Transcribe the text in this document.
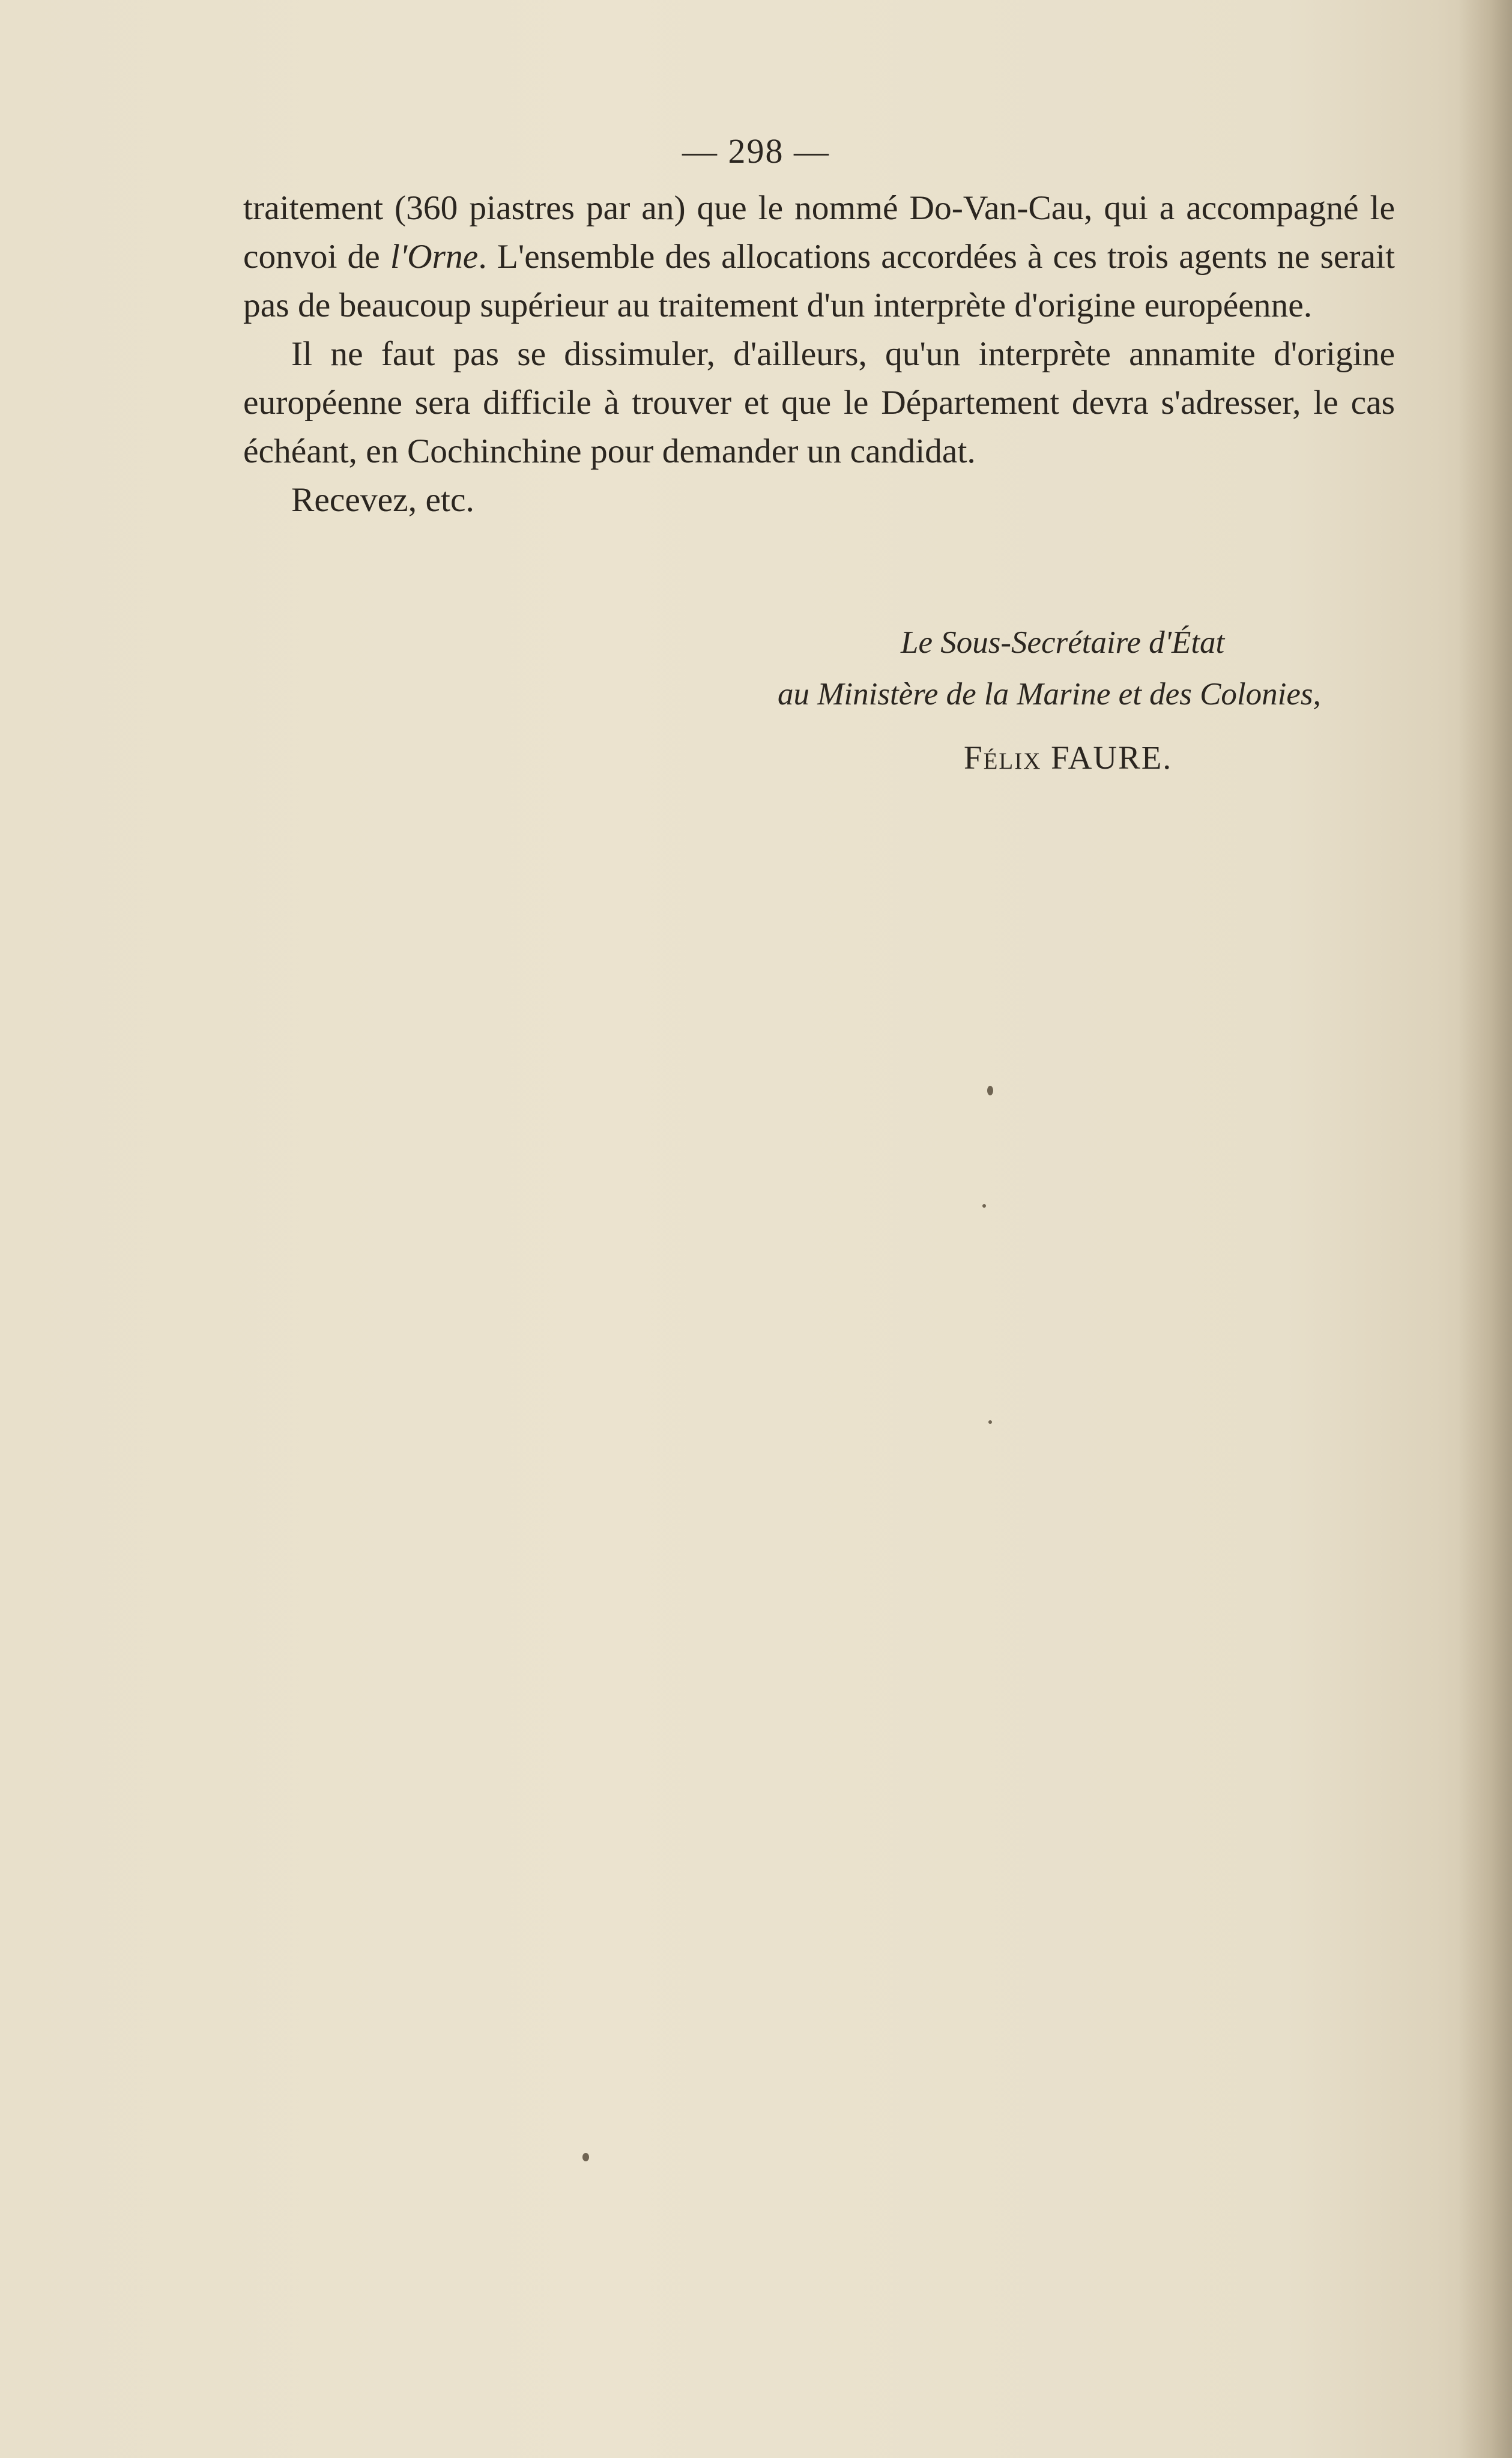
— 298 —

traitement (360 piastres par an) que le nommé Do-Van-Cau, qui a accompagné le convoi de l'Orne. L'ensemble des allocations accordées à ces trois agents ne serait pas de beaucoup supérieur au traitement d'un interprète d'origine européenne.

Il ne faut pas se dissimuler, d'ailleurs, qu'un interprète annamite d'origine européenne sera difficile à trouver et que le Département devra s'adresser, le cas échéant, en Cochinchine pour demander un candidat.

Recevez, etc.

Le Sous-Secrétaire d'État
au Ministère de la Marine et des Colonies,
Félix FAURE.
